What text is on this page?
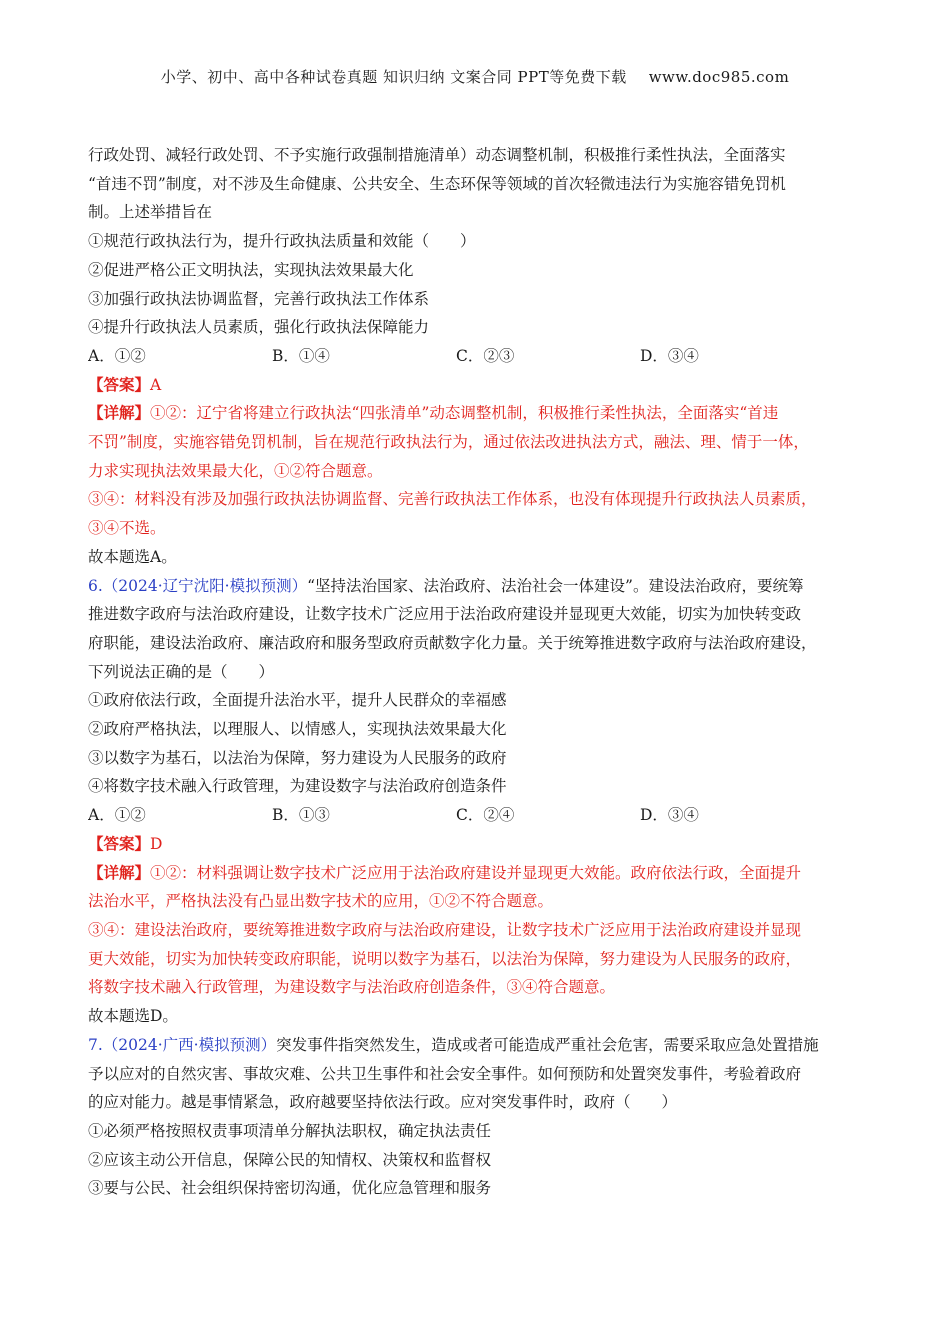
小学、初中、高中各种试卷真题 知识归纳 文案合同 PPT等免费下载 www.doc985.com
行政处罚、减轻行政处罚、不予实施行政强制措施清单）动态调整机制，积极推行柔性执法，全面落实
“首违不罚”制度，对不涉及生命健康、公共安全、生态环保等领域的首次轻微违法行为实施容错免罚机
制。上述举措旨在
①规范行政执法行为，提升行政执法质量和效能（　　）
②促进严格公正文明执法，实现执法效果最大化
③加强行政执法协调监督，完善行政执法工作体系
④提升行政执法人员素质，强化行政执法保障能力
A．①②	B．①④	C．②③	D．③④
【答案】A
【详解】①②：辽宁省将建立行政执法“四张清单”动态调整机制，积极推行柔性执法，全面落实“首违
不罚”制度，实施容错免罚机制，旨在规范行政执法行为，通过依法改进执法方式，融法、理、情于一体，
力求实现执法效果最大化，①②符合题意。
③④：材料没有涉及加强行政执法协调监督、完善行政执法工作体系，也没有体现提升行政执法人员素质，
③④不选。
故本题选A。
6.（2024·辽宁沈阳·模拟预测）“坚持法治国家、法治政府、法治社会一体建设”。建设法治政府，要统筹
推进数字政府与法治政府建设，让数字技术广泛应用于法治政府建设并显现更大效能，切实为加快转变政
府职能，建设法治政府、廉洁政府和服务型政府贡献数字化力量。关于统筹推进数字政府与法治政府建设，
下列说法正确的是（　　）
①政府依法行政，全面提升法治水平，提升人民群众的幸福感
②政府严格执法，以理服人、以情感人，实现执法效果最大化
③以数字为基石，以法治为保障，努力建设为人民服务的政府
④将数字技术融入行政管理，为建设数字与法治政府创造条件
A．①②	B．①③	C．②④	D．③④
【答案】D
【详解】①②：材料强调让数字技术广泛应用于法治政府建设并显现更大效能。政府依法行政，全面提升
法治水平，严格执法没有凸显出数字技术的应用，①②不符合题意。
③④：建设法治政府，要统筹推进数字政府与法治政府建设，让数字技术广泛应用于法治政府建设并显现
更大效能，切实为加快转变政府职能，说明以数字为基石，以法治为保障，努力建设为人民服务的政府，
将数字技术融入行政管理，为建设数字与法治政府创造条件，③④符合题意。
故本题选D。
7.（2024·广西·模拟预测）突发事件指突然发生，造成或者可能造成严重社会危害，需要采取应急处置措施
予以应对的自然灾害、事故灾难、公共卫生事件和社会安全事件。如何预防和处置突发事件，考验着政府
的应对能力。越是事情紧急，政府越要坚持依法行政。应对突发事件时，政府（　　）
①必须严格按照权责事项清单分解执法职权，确定执法责任
②应该主动公开信息，保障公民的知情权、决策权和监督权
③要与公民、社会组织保持密切沟通，优化应急管理和服务
